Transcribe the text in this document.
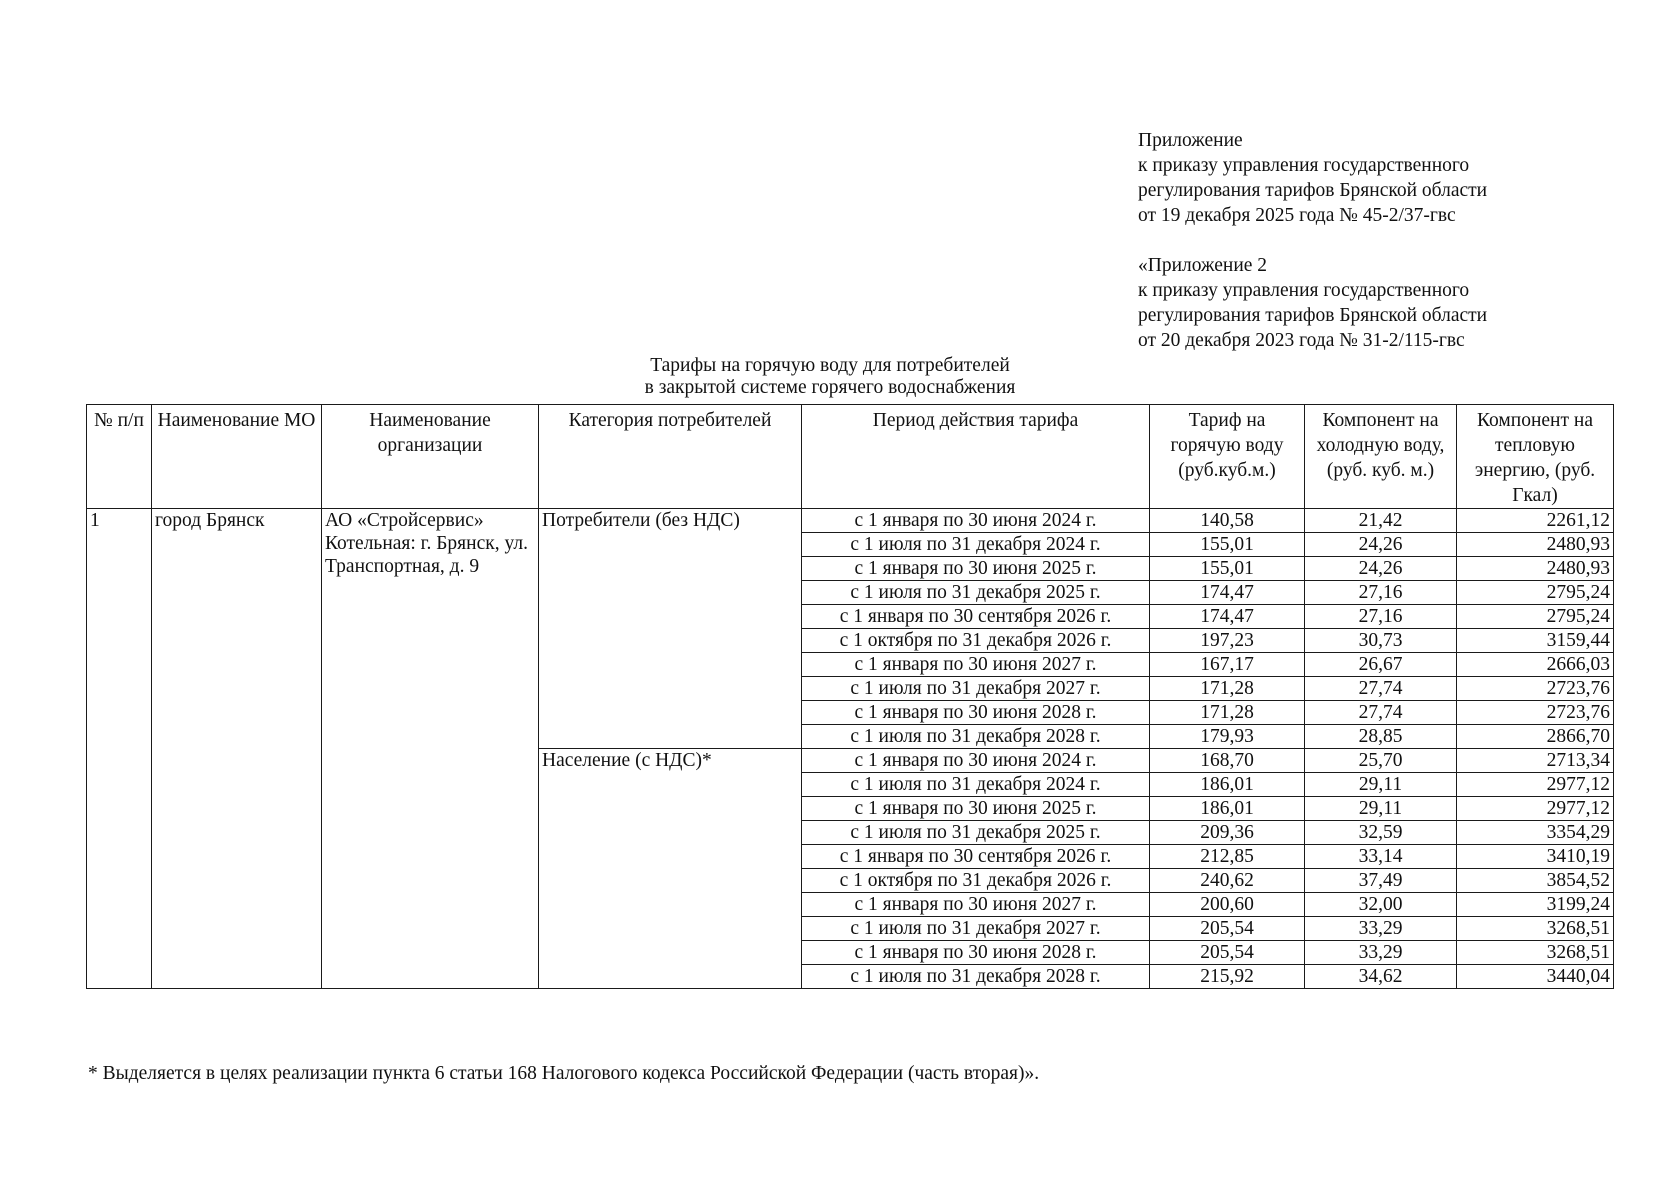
Приложение
к приказу управления государственного
регулирования тарифов Брянской области
от 19 декабря 2025 года № 45-2/37-гвс
«Приложение 2
к приказу управления государственного
регулирования тарифов Брянской области
от 20 декабря 2023 года № 31-2/115-гвс
Тарифы на горячую воду для потребителей
в закрытой системе горячего водоснабжения
№ п/п	Наименование МО	Наименование организации	Категория потребителей	Период действия тарифа	Тариф на горячую воду (руб.куб.м.)	Компонент на холодную воду, (руб. куб. м.)	Компонент на тепловую энергию, (руб. Гкал)
1	город Брянск	АО «Стройсервис» Котельная: г. Брянск, ул. Транспортная, д. 9	Потребители (без НДС)	с 1 января по 30 июня 2024 г.	140,58	21,42	2261,12
				с 1 июля по 31 декабря 2024 г.	155,01	24,26	2480,93
				с 1 января по 30 июня 2025 г.	155,01	24,26	2480,93
				с 1 июля по 31 декабря 2025 г.	174,47	27,16	2795,24
				с 1 января по 30 сентября 2026 г.	174,47	27,16	2795,24
				с 1 октября по 31 декабря 2026 г.	197,23	30,73	3159,44
				с 1 января по 30 июня 2027 г.	167,17	26,67	2666,03
				с 1 июля по 31 декабря 2027 г.	171,28	27,74	2723,76
				с 1 января по 30 июня 2028 г.	171,28	27,74	2723,76
				с 1 июля по 31 декабря 2028 г.	179,93	28,85	2866,70
			Население (с НДС)*	с 1 января по 30 июня 2024 г.	168,70	25,70	2713,34
				с 1 июля по 31 декабря 2024 г.	186,01	29,11	2977,12
				с 1 января по 30 июня 2025 г.	186,01	29,11	2977,12
				с 1 июля по 31 декабря 2025 г.	209,36	32,59	3354,29
				с 1 января по 30 сентября 2026 г.	212,85	33,14	3410,19
				с 1 октября по 31 декабря 2026 г.	240,62	37,49	3854,52
				с 1 января по 30 июня 2027 г.	200,60	32,00	3199,24
				с 1 июля по 31 декабря 2027 г.	205,54	33,29	3268,51
				с 1 января по 30 июня 2028 г.	205,54	33,29	3268,51
				с 1 июля по 31 декабря 2028 г.	215,92	34,62	3440,04
* Выделяется в целях реализации пункта 6 статьи 168 Налогового кодекса Российской Федерации (часть вторая)».
